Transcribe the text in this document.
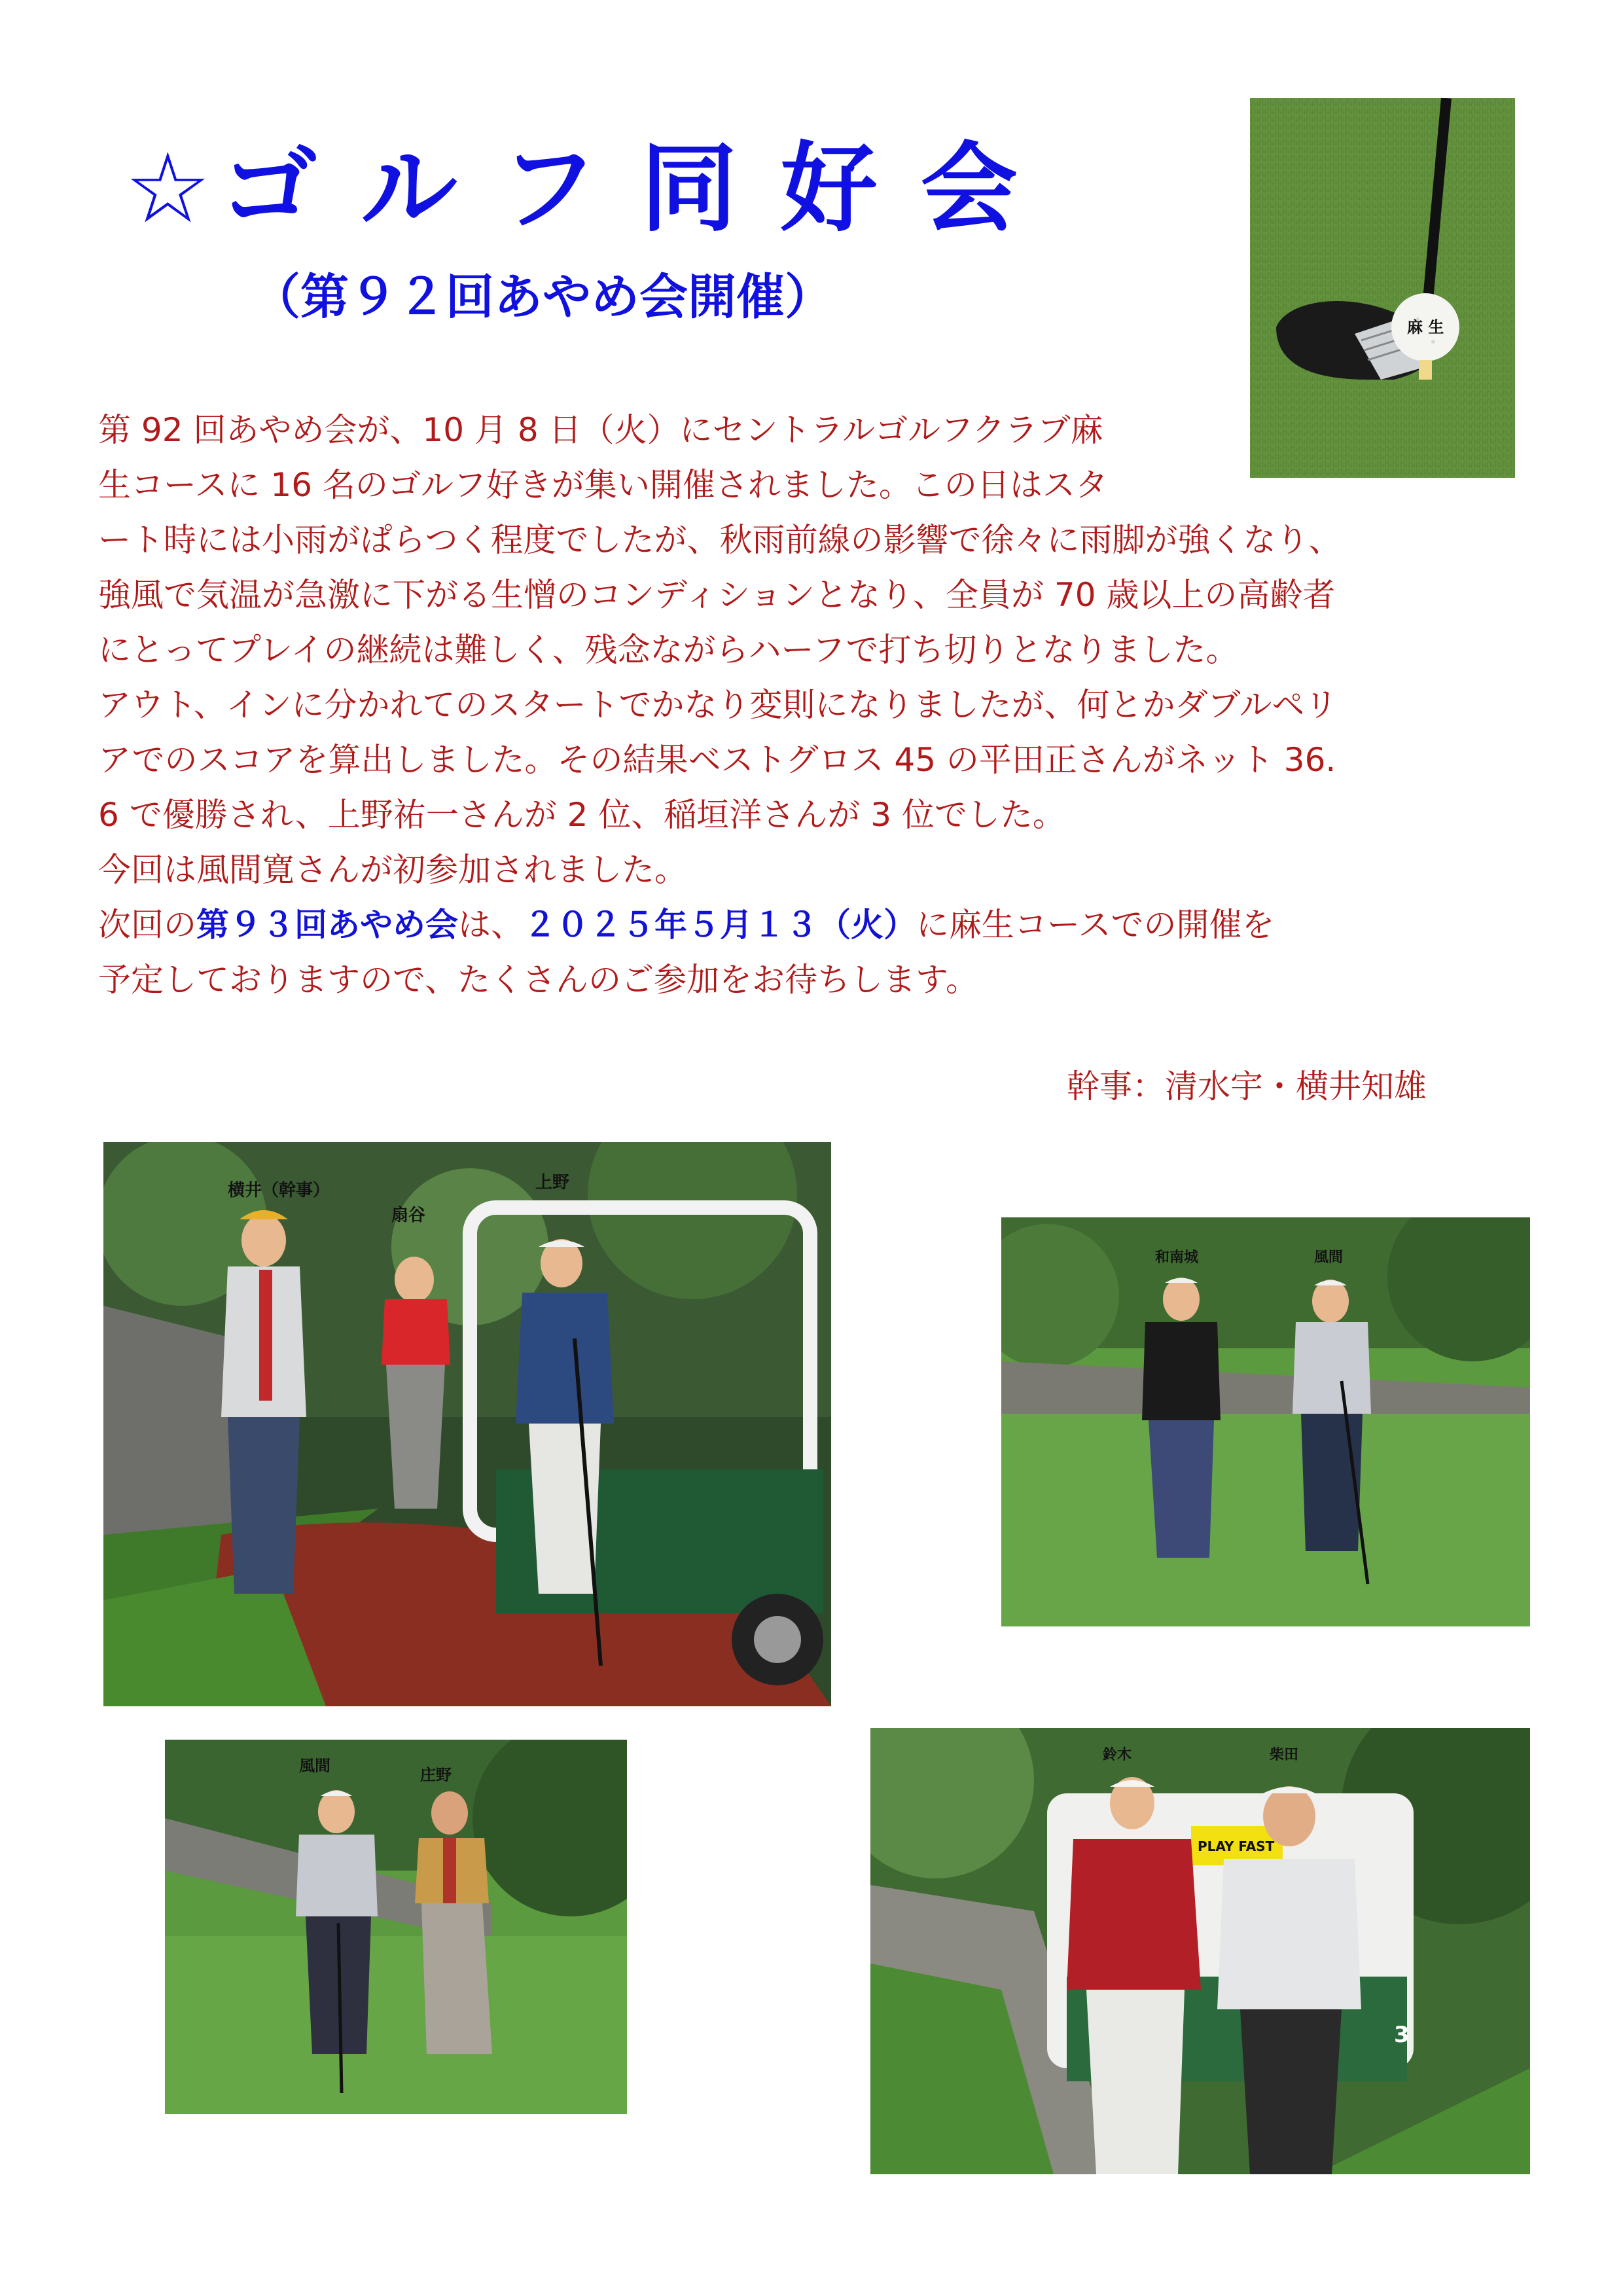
☆ゴ ル フ 同 好 会
（第９２回あやめ会開催）
麻 生
第 92 回あやめ会が、10 月 8 日（火）にセントラルゴルフクラブ麻
生コースに 16 名のゴルフ好きが集い開催されました。この日はスタ
ート時には小雨がぱらつく程度でしたが、秋雨前線の影響で徐々に雨脚が強くなり、
強風で気温が急激に下がる生憎のコンディションとなり、全員が 70 歳以上の高齢者
にとってプレイの継続は難しく、残念ながらハーフで打ち切りとなりました。
アウト、インに分かれてのスタートでかなり変則になりましたが、何とかダブルペリ
アでのスコアを算出しました。その結果ベストグロス 45 の平田正さんがネット 36.
6 で優勝され、上野祐一さんが 2 位、稲垣洋さんが 3 位でした。
今回は風間寛さんが初参加されました。
次回の第９３回あやめ会は、２０２５年５月１３（火）に麻生コースでの開催を
予定しておりますので、たくさんのご参加をお待ちします。
幹事：清水宇・横井知雄
横井（幹事）
扇谷
上野
和南城	風間
風間	庄野
PLAY FAST
3
鈴木	柴田
